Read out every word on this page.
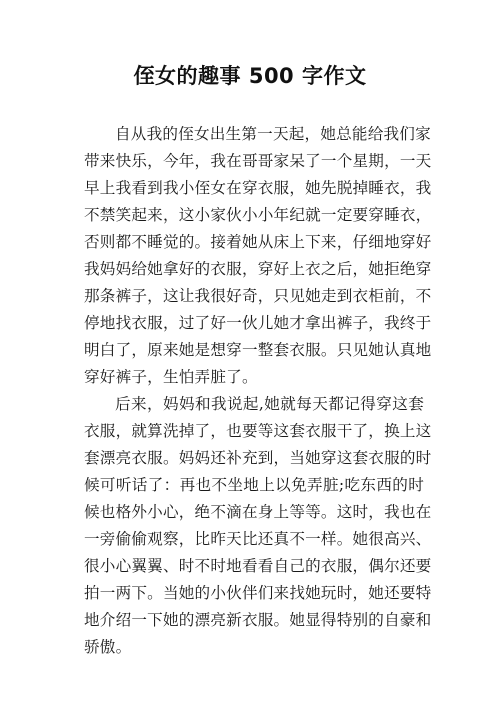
侄女的趣事 500 字作文
自从我的侄女出生第一天起，她总能给我们家
带来快乐，今年，我在哥哥家呆了一个星期，一天
早上我看到我小侄女在穿衣服，她先脱掉睡衣，我
不禁笑起来，这小家伙小小年纪就一定要穿睡衣，
否则都不睡觉的。接着她从床上下来，仔细地穿好
我妈妈给她拿好的衣服，穿好上衣之后，她拒绝穿
那条裤子，这让我很好奇，只见她走到衣柜前，不
停地找衣服，过了好一伙儿她才拿出裤子，我终于
明白了，原来她是想穿一整套衣服。只见她认真地
穿好裤子，生怕弄脏了。
后来，妈妈和我说起,她就每天都记得穿这套
衣服，就算洗掉了，也要等这套衣服干了，换上这
套漂亮衣服。妈妈还补充到，当她穿这套衣服的时
候可听话了：再也不坐地上以免弄脏;吃东西的时
候也格外小心，绝不滴在身上等等。这时，我也在
一旁偷偷观察，比昨天比还真不一样。她很高兴、
很小心翼翼、时不时地看看自己的衣服，偶尔还要
拍一两下。当她的小伙伴们来找她玩时，她还要特
地介绍一下她的漂亮新衣服。她显得特别的自豪和
骄傲。
